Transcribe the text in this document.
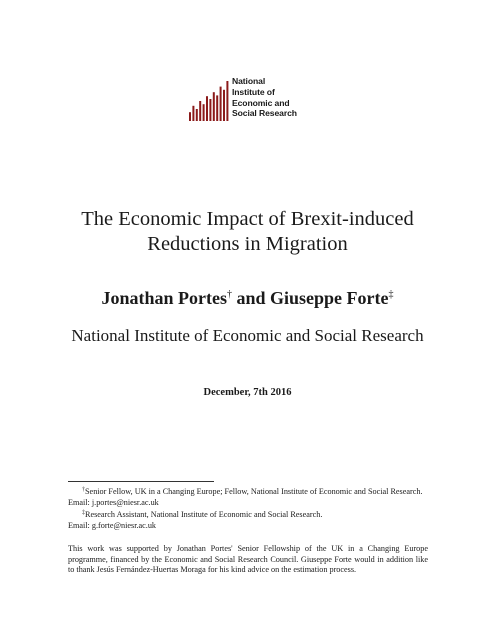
National
Institute of
Economic and
Social Research
The Economic Impact of Brexit-induced
Reductions in Migration
Jonathan Portes† and Giuseppe Forte‡
National Institute of Economic and Social Research
December, 7th 2016

†Senior Fellow, UK in a Changing Europe; Fellow, National Institute of Economic and Social Research.

Email: j.portes@niesr.ac.uk

‡Research Assistant, National Institute of Economic and Social Research.

Email: g.forte@niesr.ac.uk

This work was supported by Jonathan Portes' Senior Fellowship of the UK in a Changing Europe programme, financed by the Economic and Social Research Council. Giuseppe Forte would in addition like to thank Jesús Fernández-Huertas Moraga for his kind advice on the estimation process.
